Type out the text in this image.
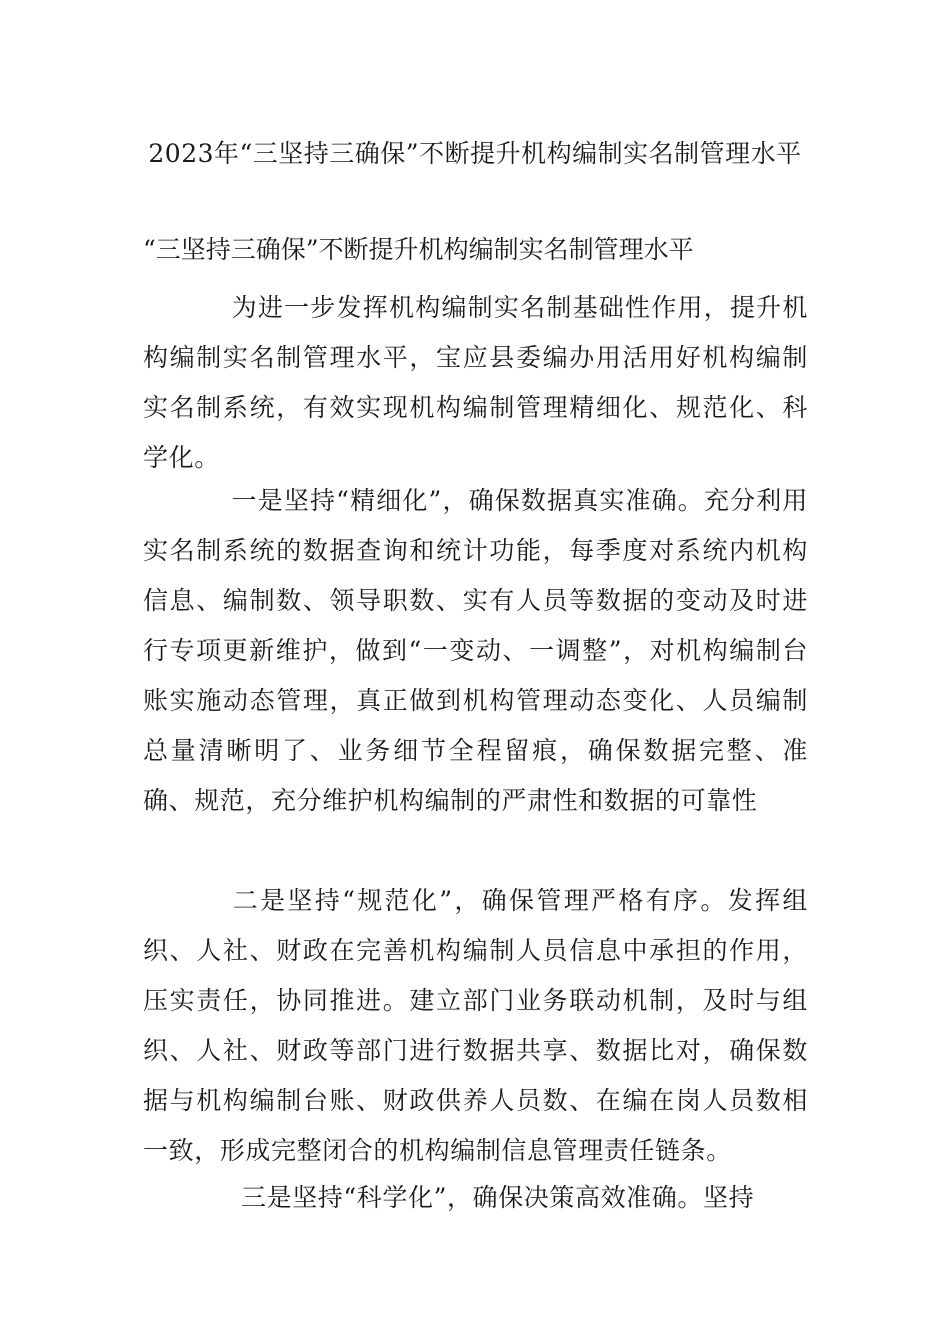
2023年“三坚持三确保”不断提升机构编制实名制管理水平
“三坚持三确保”不断提升机构编制实名制管理水平
为进一步发挥机构编制实名制基础性作用，提升机构编制实名制管理水平，宝应县委编办用活用好机构编制实名制系统，有效实现机构编制管理精细化、规范化、科学化。
一是坚持“精细化”，确保数据真实准确。充分利用实名制系统的数据查询和统计功能，每季度对系统内机构信息、编制数、领导职数、实有人员等数据的变动及时进行专项更新维护，做到“一变动、一调整”，对机构编制台账实施动态管理，真正做到机构管理动态变化、人员编制总量清晰明了、业务细节全程留痕，确保数据完整、准确、规范，充分维护机构编制的严肃性和数据的可靠性
二是坚持“规范化”，确保管理严格有序。发挥组织、人社、财政在完善机构编制人员信息中承担的作用，压实责任，协同推进。建立部门业务联动机制，及时与组织、人社、财政等部门进行数据共享、数据比对，确保数据与机构编制台账、财政供养人员数、在编在岗人员数相一致，形成完整闭合的机构编制信息管理责任链条。
三是坚持“科学化”，确保决策高效准确。坚持
